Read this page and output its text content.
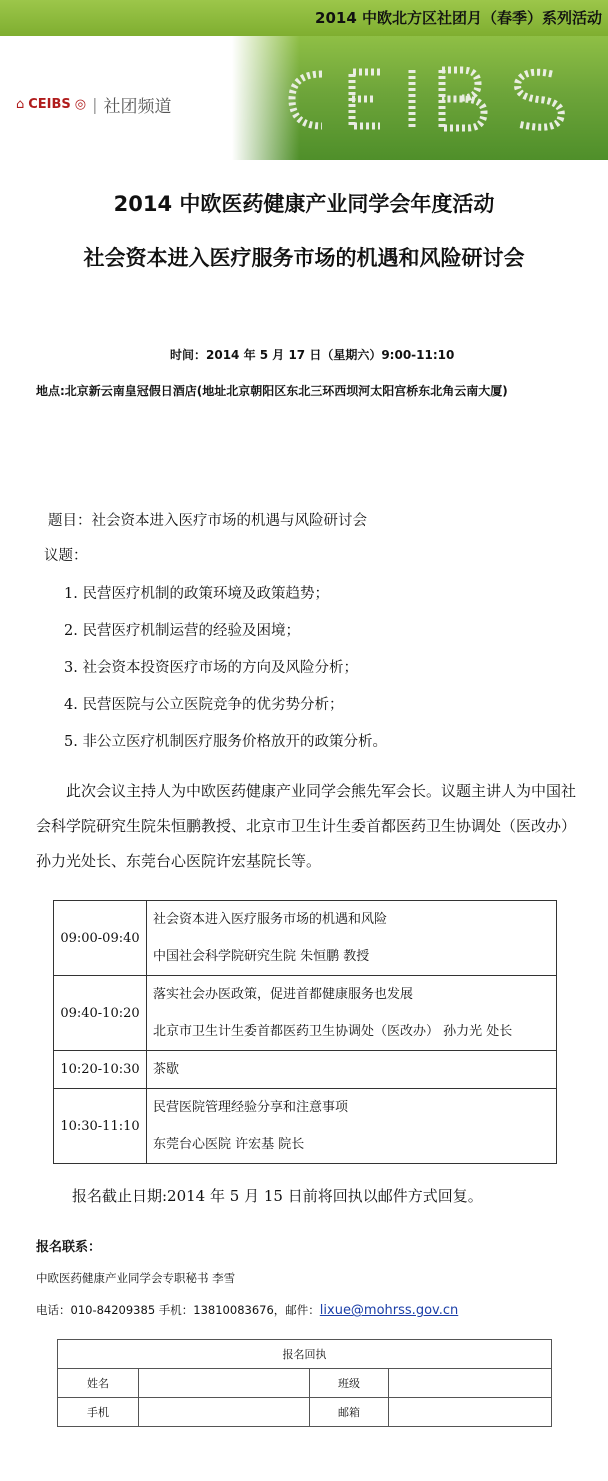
2014 中欧北方区社团月（春季）系列活动
⌂ CEIBS ◎ | 社团频道
2014 中欧医药健康产业同学会年度活动
社会资本进入医疗服务市场的机遇和风险研讨会
时间：2014 年 5 月 17 日（星期六）9:00-11:10
地点:北京新云南皇冠假日酒店(地址北京朝阳区东北三环西坝河太阳宫桥东北角云南大厦)
题目：社会资本进入医疗市场的机遇与风险研讨会
议题：
1. 民营医疗机制的政策环境及政策趋势；
2. 民营医疗机制运营的经验及困境；
3. 社会资本投资医疗市场的方向及风险分析；
4. 民营医院与公立医院竞争的优劣势分析；
5. 非公立医疗机制医疗服务价格放开的政策分析。
此次会议主持人为中欧医药健康产业同学会熊先军会长。议题主讲人为中国社会科学院研究生院朱恒鹏教授、北京市卫生计生委首都医药卫生协调处（医改办）孙力光处长、东莞台心医院许宏基院长等。
09:00-09:40	社会资本进入医疗服务市场的机遇和风险
中国社会科学院研究生院 朱恒鹏 教授

09:40-10:20	落实社会办医政策，促进首都健康服务也发展
北京市卫生计生委首都医药卫生协调处（医改办） 孙力光 处长

10:20-10:30	茶歇

10:30-11:10	民营医院管理经验分享和注意事项
东莞台心医院 许宏基 院长
报名截止日期:2014 年 5 月 15 日前将回执以邮件方式回复。
报名联系：
中欧医药健康产业同学会专职秘书 李雪
电话：010-84209385 手机：13810083676，邮件：lixue@mohrss.gov.cn
报名回执			
姓名		班级	
手机		邮箱	
